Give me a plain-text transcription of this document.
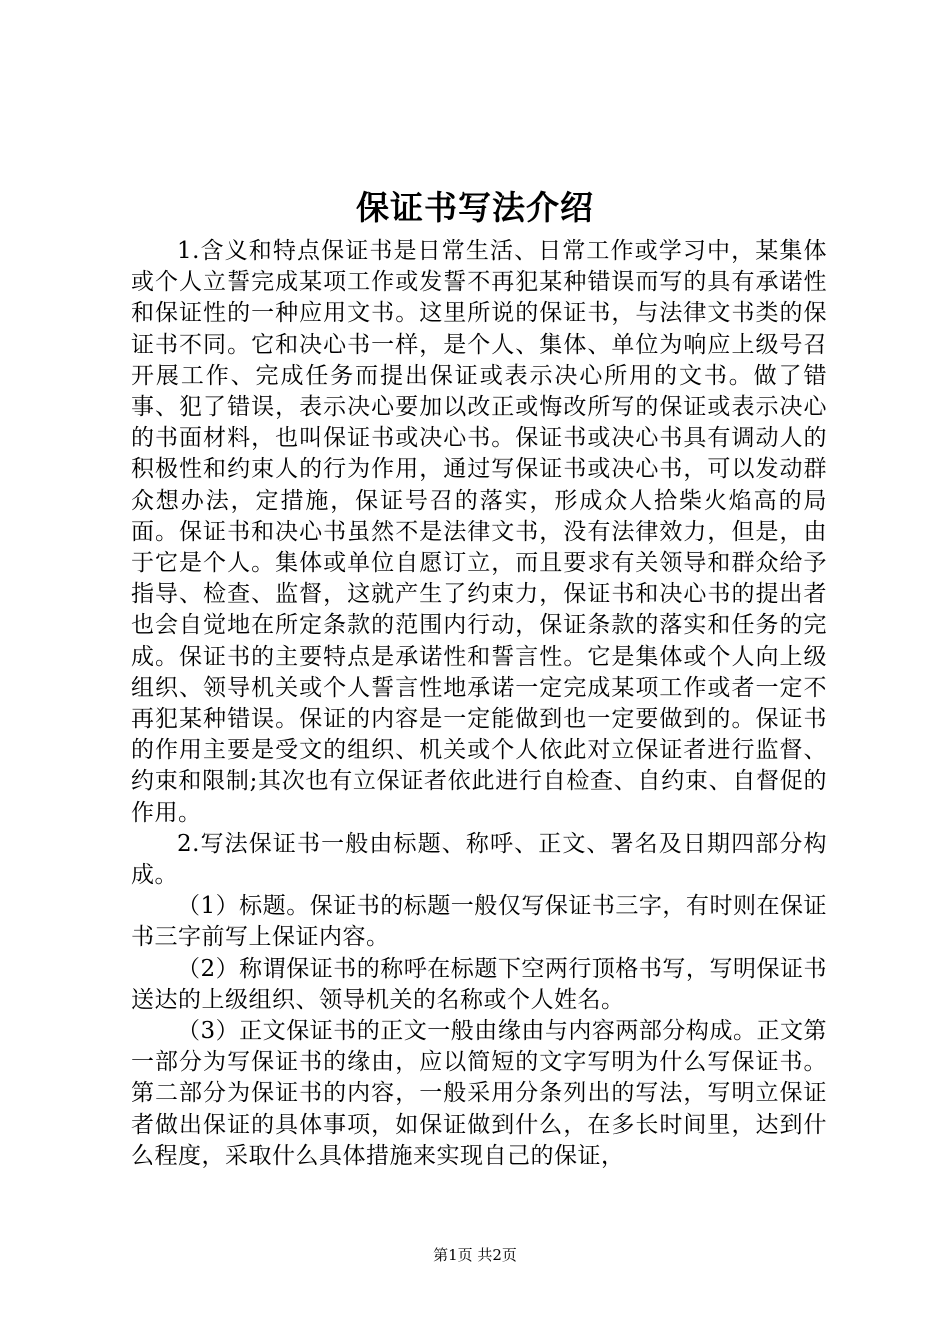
保证书写法介绍

1.含义和特点保证书是日常生活、日常工作或学习中，某集体或个人立誓完成某项工作或发誓不再犯某种错误而写的具有承诺性和保证性的一种应用文书。这里所说的保证书，与法律文书类的保证书不同。它和决心书一样，是个人、集体、单位为响应上级号召开展工作、完成任务而提出保证或表示决心所用的文书。做了错事、犯了错误，表示决心要加以改正或悔改所写的保证或表示决心的书面材料，也叫保证书或决心书。保证书或决心书具有调动人的积极性和约束人的行为作用，通过写保证书或决心书，可以发动群众想办法，定措施，保证号召的落实，形成众人拾柴火焰高的局面。保证书和决心书虽然不是法律文书，没有法律效力，但是，由于它是个人。集体或单位自愿订立，而且要求有关领导和群众给予指导、检查、监督，这就产生了约束力，保证书和决心书的提出者也会自觉地在所定条款的范围内行动，保证条款的落实和任务的完成。保证书的主要特点是承诺性和誓言性。它是集体或个人向上级组织、领导机关或个人誓言性地承诺一定完成某项工作或者一定不再犯某种错误。保证的内容是一定能做到也一定要做到的。保证书的作用主要是受文的组织、机关或个人依此对立保证者进行监督、约束和限制;其次也有立保证者依此进行自检查、自约束、自督促的作用。

2.写法保证书一般由标题、称呼、正文、署名及日期四部分构成。

（1）标题。保证书的标题一般仅写保证书三字，有时则在保证书三字前写上保证内容。

（2）称谓保证书的称呼在标题下空两行顶格书写，写明保证书送达的上级组织、领导机关的名称或个人姓名。

（3）正文保证书的正文一般由缘由与内容两部分构成。正文第一部分为写保证书的缘由，应以简短的文字写明为什么写保证书。第二部分为保证书的内容，一般采用分条列出的写法，写明立保证者做出保证的具体事项，如保证做到什么，在多长时间里，达到什么程度，采取什么具体措施来实现自己的保证，

第1页 共2页
